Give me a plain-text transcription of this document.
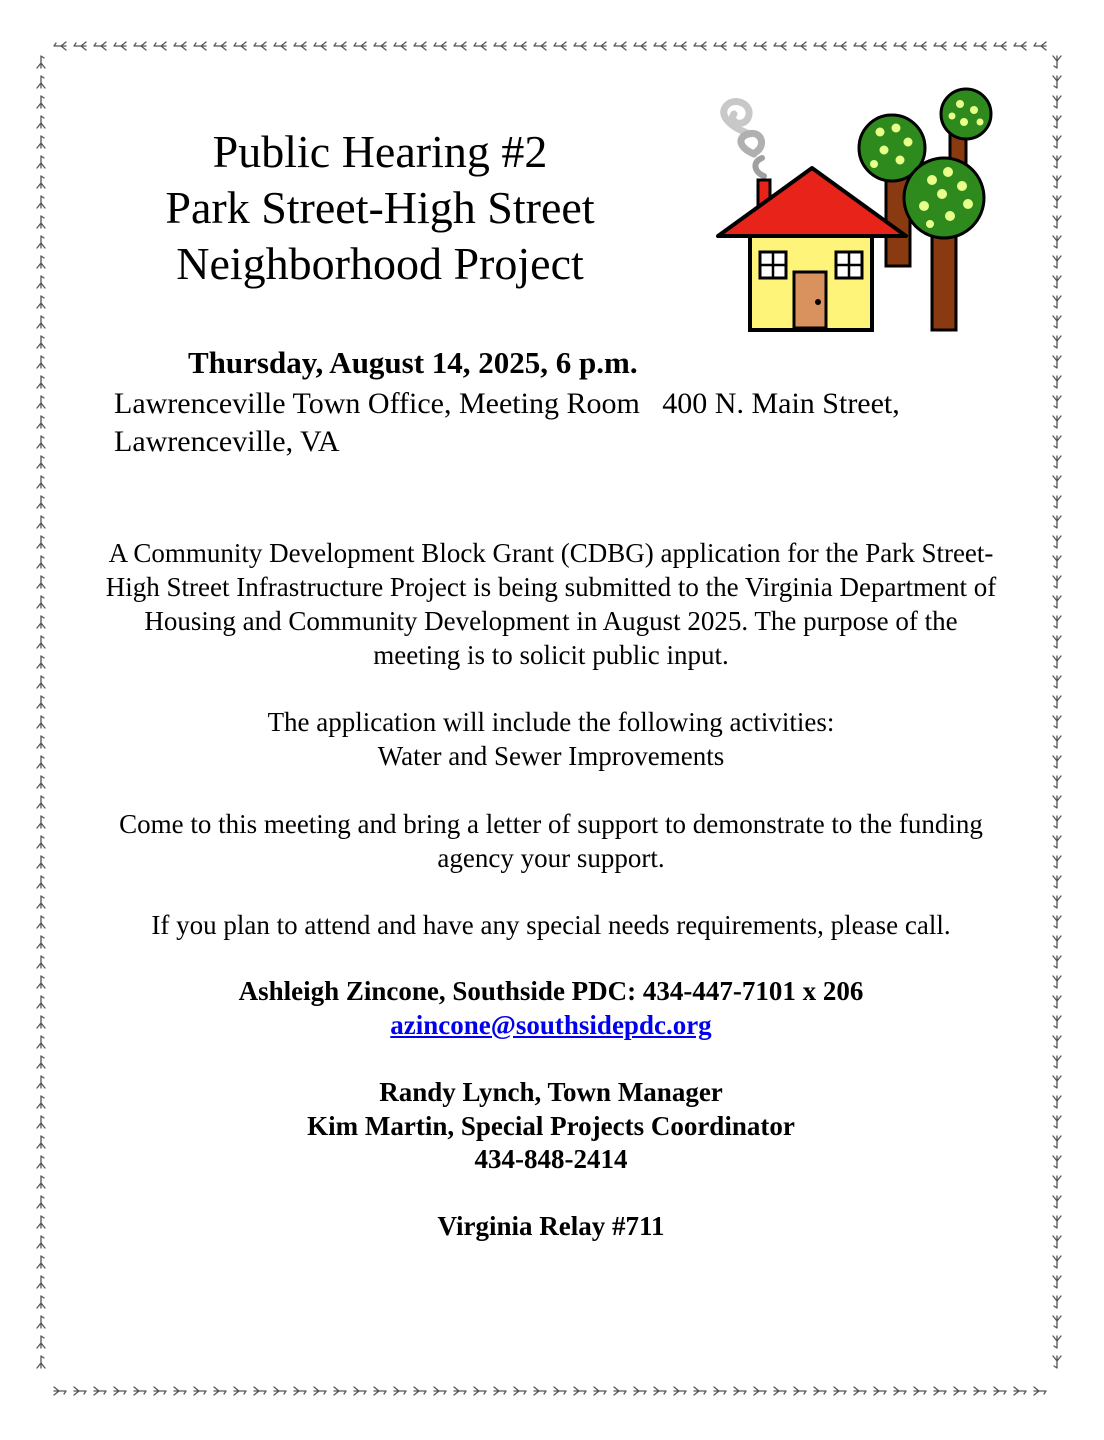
Public Hearing #2
Park Street-High Street
Neighborhood Project
Thursday, August 14, 2025, 6 p.m.
Lawrenceville Town Office, Meeting Room   400 N. Main Street,
Lawrenceville, VA
A Community Development Block Grant (CDBG) application for the Park Street-
High Street Infrastructure Project is being submitted to the Virginia Department of
Housing and Community Development in August 2025. The purpose of the
meeting is to solicit public input.
The application will include the following activities:
Water and Sewer Improvements
Come to this meeting and bring a letter of support to demonstrate to the funding
agency your support.
If you plan to attend and have any special needs requirements, please call.
Ashleigh Zincone, Southside PDC: 434-447-7101 x 206
azincone@southsidepdc.org
Randy Lynch, Town Manager
Kim Martin, Special Projects Coordinator
434-848-2414
Virginia Relay #711
